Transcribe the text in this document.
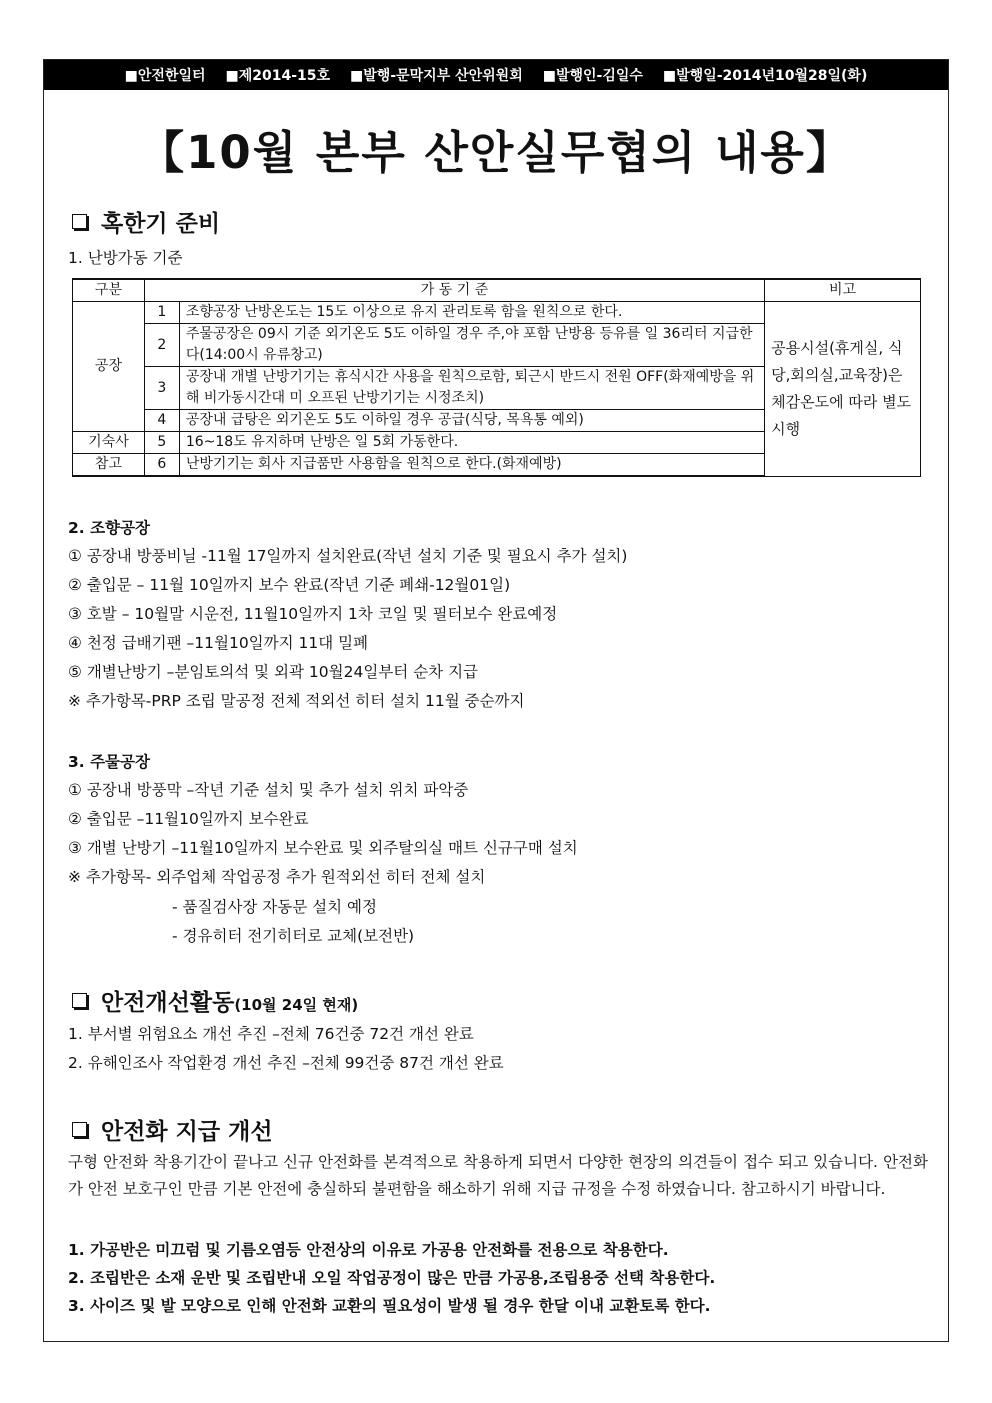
■안전한일터 ■제2014-15호 ■발행-문막지부 산안위원회 ■발행인-김일수 ■발행일-2014년10월28일(화)
【10월 본부 산안실무협의 내용】
혹한기 준비
1. 난방가동 기준
구분	가 동 기 준		비고
공장	1	조향공장 난방온도는 15도 이상으로 유지 관리토록 함을 원칙으로 한다.	공용시설(휴게실, 식당,회의실,교육장)은체감온도에 따라 별도시행
	2	주물공장은 09시 기준 외기온도 5도 이하일 경우 주,야 포함 난방용 등유를 일 36리터 지급한다(14:00시 유류창고)	
	3	공장내 개별 난방기기는 휴식시간 사용을 원칙으로함, 퇴근시 반드시 전원 OFF(화재예방을 위해 비가동시간대 미 오프된 난방기기는 시정조치)	
	4	공장내 급탕은 외기온도 5도 이하일 경우 공급(식당, 목욕통 예외)	
기숙사	5	16~18도 유지하며 난방은 일 5회 가동한다.	
참고	6	난방기기는 회사 지급품만 사용함을 원칙으로 한다.(화재예방)	
2. 조향공장
① 공장내 방풍비닐 -11월 17일까지 설치완료(작년 설치 기준 및 필요시 추가 설치)
② 출입문 – 11월 10일까지 보수 완료(작년 기준 폐쇄-12월01일)
③ 호발 – 10월말 시운전, 11월10일까지 1차 코일 및 필터보수 완료예정
④ 천정 급배기팬 –11월10일까지 11대 밀폐
⑤ 개별난방기 –분임토의석 및 외곽 10월24일부터 순차 지급
※ 추가항목-PRP 조립 말공정 전체 적외선 히터 설치 11월 중순까지
3. 주물공장
① 공장내 방풍막 –작년 기준 설치 및 추가 설치 위치 파악중
② 출입문 –11월10일까지 보수완료
③ 개별 난방기 –11월10일까지 보수완료 및 외주탈의실 매트 신규구매 설치
※ 추가항목- 외주업체 작업공정 추가 원적외선 히터 전체 설치
- 품질검사장 자동문 설치 예정
- 경유히터 전기히터로 교체(보전반)
안전개선활동(10월 24일 현재)
1. 부서별 위험요소 개선 추진 –전체 76건중 72건 개선 완료
2. 유해인조사 작업환경 개선 추진 –전체 99건중 87건 개선 완료
안전화 지급 개선
구형 안전화 착용기간이 끝나고 신규 안전화를 본격적으로 착용하게 되면서 다양한 현장의 의견들이 접수 되고 있습니다. 안전화가 안전 보호구인 만큼 기본 안전에 충실하되 불편함을 해소하기 위해 지급 규정을 수정 하였습니다. 참고하시기 바랍니다.
1. 가공반은 미끄럼 및 기름오염등 안전상의 이유로 가공용 안전화를 전용으로 착용한다.
2. 조립반은 소재 운반 및 조립반내 오일 작업공정이 많은 만큼 가공용,조립용중 선택 착용한다.
3. 사이즈 및 발 모양으로 인해 안전화 교환의 필요성이 발생 될 경우 한달 이내 교환토록 한다.
